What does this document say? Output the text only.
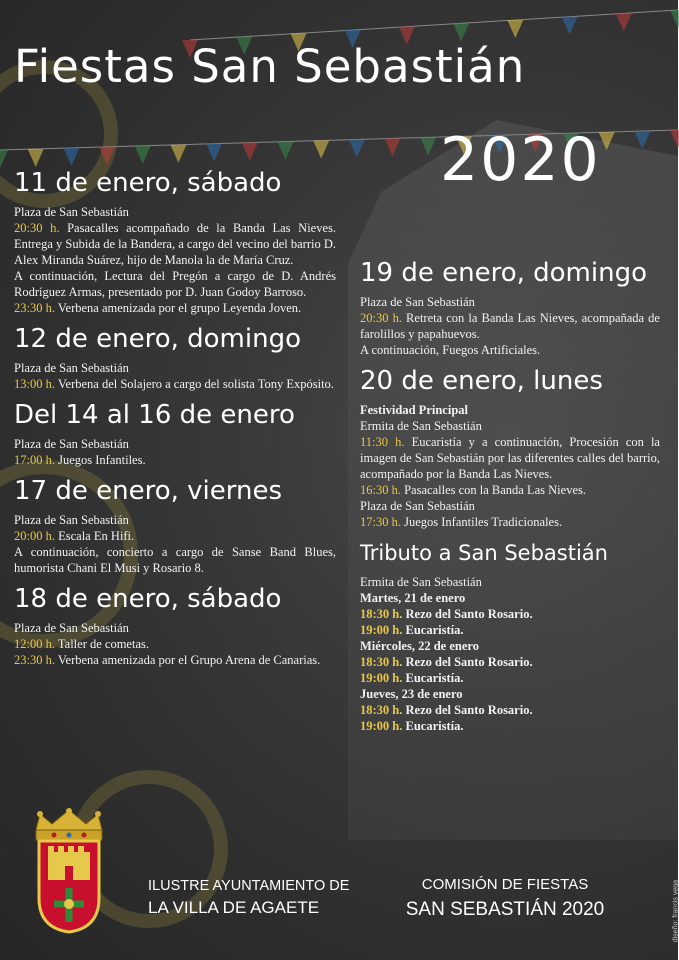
Fiestas San Sebastián
2020
11 de enero, sábado
Plaza de San Sebastián
20:30 h. Pasacalles acompañado de la Banda Las Nieves. Entrega y Subida de la Bandera, a cargo del vecino del barrio D. Alex Miranda Suárez, hijo de Manola la de María Cruz.
A continuación, Lectura del Pregón a cargo de D. Andrés Rodríguez Armas, presentado por D. Juan Godoy Barroso.
23:30 h. Verbena amenizada por el grupo Leyenda Joven.
12 de enero, domingo
Plaza de San Sebastián
13:00 h. Verbena del Solajero a cargo del solista Tony Expósito.
Del 14 al 16 de enero
Plaza de San Sebastián
17:00 h. Juegos Infantiles.
17 de enero, viernes
Plaza de San Sebastián
20:00 h. Escala En Hifi.
A continuación, concierto a cargo de Sanse Band Blues, humorista Chani El Musi y Rosario 8.
18 de enero, sábado
Plaza de San Sebastián
12:00 h. Taller de cometas.
23:30 h. Verbena amenizada por el Grupo Arena de Canarias.
19 de enero, domingo
Plaza de San Sebastián
20:30 h. Retreta con la Banda Las Nieves, acompañada de farolillos y papahuevos.
A continuación, Fuegos Artificiales.
20 de enero, lunes
Festividad Principal
Ermita de San Sebastián
11:30 h. Eucaristía y a continuación, Procesión con la imagen de San Sebastián por las diferentes calles del barrio, acompañado por la Banda Las Nieves.
16:30 h. Pasacalles con la Banda Las Nieves.
Plaza de San Sebastián
17:30 h. Juegos Infantiles Tradicionales.
Tributo a San Sebastián
Ermita de San Sebastián
Martes, 21 de enero
18:30 h. Rezo del Santo Rosario.
19:00 h. Eucaristía.
Miércoles, 22 de enero
18:30 h. Rezo del Santo Rosario.
19:00 h. Eucaristía.
Jueves, 23 de enero
18:30 h. Rezo del Santo Rosario.
19:00 h. Eucaristía.
ILUSTRE AYUNTAMIENTO DE
LA VILLA DE AGAETE
COMISIÓN DE FIESTAS
SAN SEBASTIÁN 2020	diseño: francis vega
